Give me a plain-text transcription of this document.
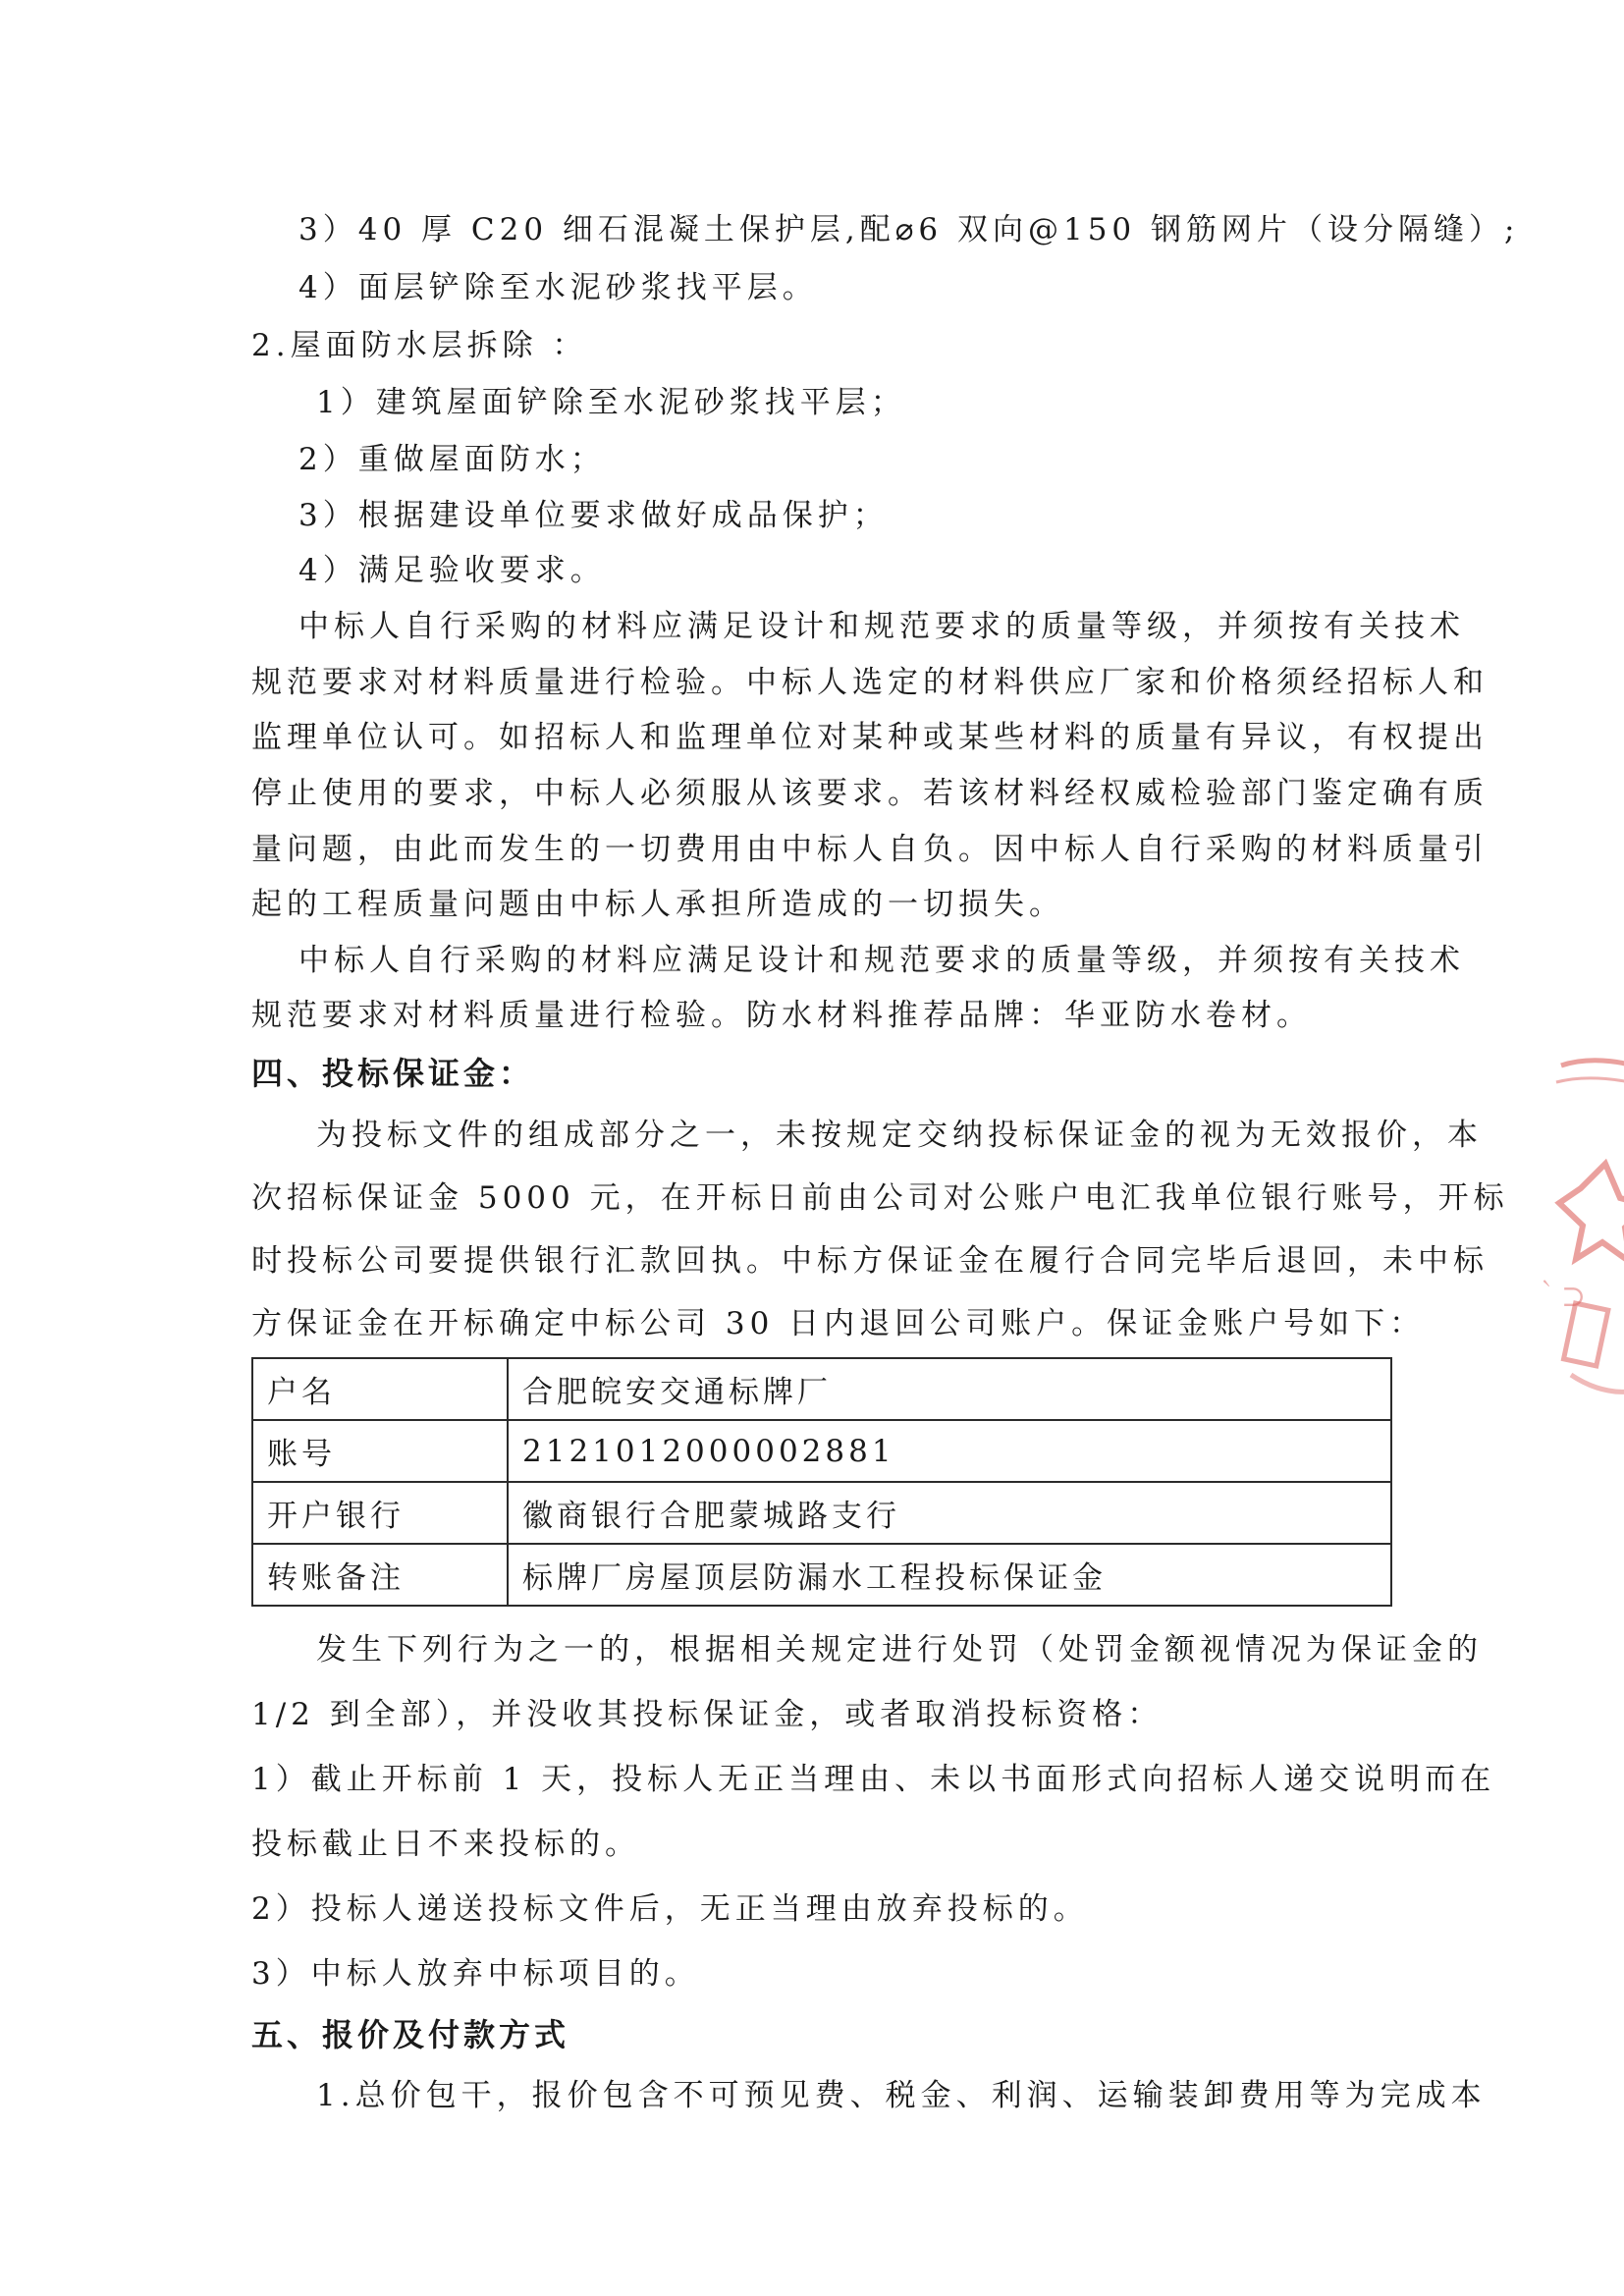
3）40 厚 C20 细石混凝土保护层,配⌀6 双向@150 钢筋网片（设分隔缝）;
4）面层铲除至水泥砂浆找平层。
2.屋面防水层拆除 ：
1）建筑屋面铲除至水泥砂浆找平层；
2）重做屋面防水；
3）根据建设单位要求做好成品保护；
4）满足验收要求。
中标人自行采购的材料应满足设计和规范要求的质量等级，并须按有关技术
规范要求对材料质量进行检验。中标人选定的材料供应厂家和价格须经招标人和
监理单位认可。如招标人和监理单位对某种或某些材料的质量有异议，有权提出
停止使用的要求，中标人必须服从该要求。若该材料经权威检验部门鉴定确有质
量问题，由此而发生的一切费用由中标人自负。因中标人自行采购的材料质量引
起的工程质量问题由中标人承担所造成的一切损失。
中标人自行采购的材料应满足设计和规范要求的质量等级，并须按有关技术
规范要求对材料质量进行检验。防水材料推荐品牌：华亚防水卷材。
四、投标保证金：
为投标文件的组成部分之一，未按规定交纳投标保证金的视为无效报价，本
次招标保证金 5000 元，在开标日前由公司对公账户电汇我单位银行账号，开标
时投标公司要提供银行汇款回执。中标方保证金在履行合同完毕后退回，未中标
方保证金在开标确定中标公司 30 日内退回公司账户。保证金账户号如下：
户名	合肥皖安交通标牌厂
账号	2121012000002881
开户银行	徽商银行合肥蒙城路支行
转账备注	标牌厂房屋顶层防漏水工程投标保证金
发生下列行为之一的，根据相关规定进行处罚（处罚金额视情况为保证金的
1/2 到全部），并没收其投标保证金，或者取消投标资格：
1）截止开标前 1 天，投标人无正当理由、未以书面形式向招标人递交说明而在
投标截止日不来投标的。
2）投标人递送投标文件后，无正当理由放弃投标的。
3）中标人放弃中标项目的。
五、报价及付款方式
1.总价包干，报价包含不可预见费、税金、利润、运输装卸费用等为完成本
｀⊃
